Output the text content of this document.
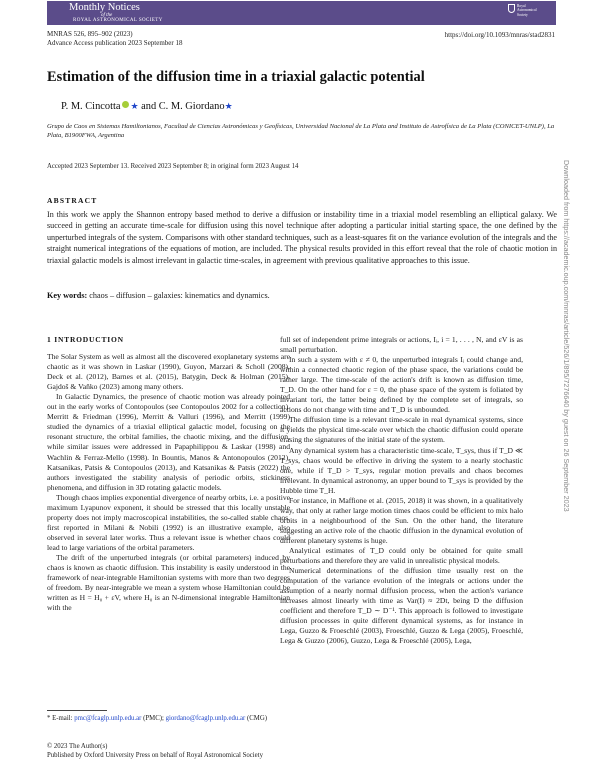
Monthly Notices
of the
ROYAL ASTRONOMICAL SOCIETY
Royal
Astronomical
Society
MNRAS 526, 895–902 (2023)
Advance Access publication 2023 September 18
https://doi.org/10.1093/mnras/stad2831
Estimation of the diffusion time in a triaxial galactic potential
P. M. Cincotta ★ and C. M. Giordano★
Grupo de Caos en Sistemas Hamiltonianos, Facultad de Ciencias Astronómicas y Geofísicas, Universidad Nacional de La Plata and Instituto de Astrofísica de La Plata (CONICET-UNLP), La Plata, B1900FWA, Argentina
Accepted 2023 September 13. Received 2023 September 8; in original form 2023 August 14
ABSTRACT
In this work we apply the Shannon entropy based method to derive a diffusion or instability time in a triaxial model resembling an elliptical galaxy. We succeed in getting an accurate time-scale for diffusion using this novel technique after adopting a particular initial starting space, the one defined by the unperturbed integrals of the system. Comparisons with other standard techniques, such as a least-squares fit on the variance evolution of the integrals and the straight numerical integrations of the equations of motion, are included. The physical results provided in this effort reveal that the role of chaotic motion in triaxial galactic models is almost irrelevant in galactic time-scales, in agreement with previous qualitative approaches to this issue.
Key words: chaos – diffusion – galaxies: kinematics and dynamics.
1 INTRODUCTION

The Solar System as well as almost all the discovered exoplanetary systems are chaotic as it was shown in Laskar (1990), Guyon, Marzari & Scholl (2008), Deck et al. (2012), Barnes et al. (2015), Batygin, Deck & Holman (2015), Gajdoš & Vaňko (2023) among many others.

In Galactic Dynamics, the presence of chaotic motion was already pointed out in the early works of Contopoulos (see Contopoulos 2002 for a collection). Merritt & Friedman (1996), Merritt & Valluri (1996), and Merritt (1999) studied the dynamics of a triaxial elliptical galactic model, focusing on the resonant structure, the orbital families, the chaotic mixing, and the diffusion, while similar issues were addressed in Papaphilippou & Laskar (1998) and Wachlin & Ferraz-Mello (1998). In Bountis, Manos & Antonopoulos (2012), Katsanikas, Patsis & Contopoulos (2013), and Katsanikas & Patsis (2022) the authors investigated the stability analysis of periodic orbits, stickiness phenomena, and diffusion in 3D rotating galactic models.

Though chaos implies exponential divergence of nearby orbits, i.e. a positive maximum Lyapunov exponent, it should be stressed that this locally unstable property does not imply macroscopical instabilities, the so-called stable chaos, first reported in Milani & Nobili (1992) is an illustrative example, also observed in several later works. Thus a relevant issue is whether chaos could lead to large variations of the orbital parameters.

The drift of the unperturbed integrals (or orbital parameters) induced by chaos is known as chaotic diffusion. This instability is easily understood in the framework of near-integrable Hamiltonian systems with more than two degrees of freedom. By near-integrable we mean a system whose Hamiltonian could be written as H = H₀ + εV, where H₀ is an N-dimensional integrable Hamiltonian with the

full set of independent prime integrals or actions, Iᵢ, i = 1, . . . , N, and εV is as small perturbation.

In such a system with ε ≠ 0, the unperturbed integrals Iᵢ could change and, within a connected chaotic region of the phase space, the variations could be rather large. The time-scale of the action's drift is known as diffusion time, T_D. On the other hand for ε = 0, the phase space of the system is foliated by invariant tori, the latter being defined by the complete set of integrals, so actions do not change with time and T_D is unbounded.

The diffusion time is a relevant time-scale in real dynamical systems, since it yields the physical time-scale over which the chaotic diffusion could operate erasing the signatures of the initial state of the system.

Any dynamical system has a characteristic time-scale, T_sys, thus if T_D ≪ T_sys, chaos would be effective in driving the system to a nearly stochastic one, while if T_D > T_sys, regular motion prevails and chaos becomes irrelevant. In dynamical astronomy, an upper bound to T_sys is provided by the Hubble time T_H.

For instance, in Maffione et al. (2015, 2018) it was shown, in a qualitatively way, that only at rather large motion times chaos could be efficient to mix halo orbits in a neighbourhood of the Sun. On the other hand, the literature suggesting an active role of the chaotic diffusion in the dynamical evolution of different planetary systems is huge.

Analytical estimates of T_D could only be obtained for quite small perturbations and therefore they are valid in unrealistic physical models.

Numerical determinations of the diffusion time usually rest on the computation of the variance evolution of the integrals or actions under the assumption of a nearly normal diffusion process, when the action's variance increases almost linearly with time as Var(I) ≈ 2Dt, being D the diffusion coefficient and therefore T_D ∼ D⁻¹. This approach is followed to investigate diffusion processes in quite different dynamical systems, as for instance in Lega, Guzzo & Froeschlé (2003), Froeschlé, Guzzo & Lega (2005), Froeschlé, Lega & Guzzo (2006), Guzzo, Lega & Froeschlé (2005), Lega,

* E-mail: pmc@fcaglp.unlp.edu.ar (PMC); giordano@fcaglp.unlp.edu.ar (CMG)
© 2023 The Author(s)
Published by Oxford University Press on behalf of Royal Astronomical Society
Downloaded from https://academic.oup.com/mnras/article/526/1/895/7276640 by guest on 26 September 2023
